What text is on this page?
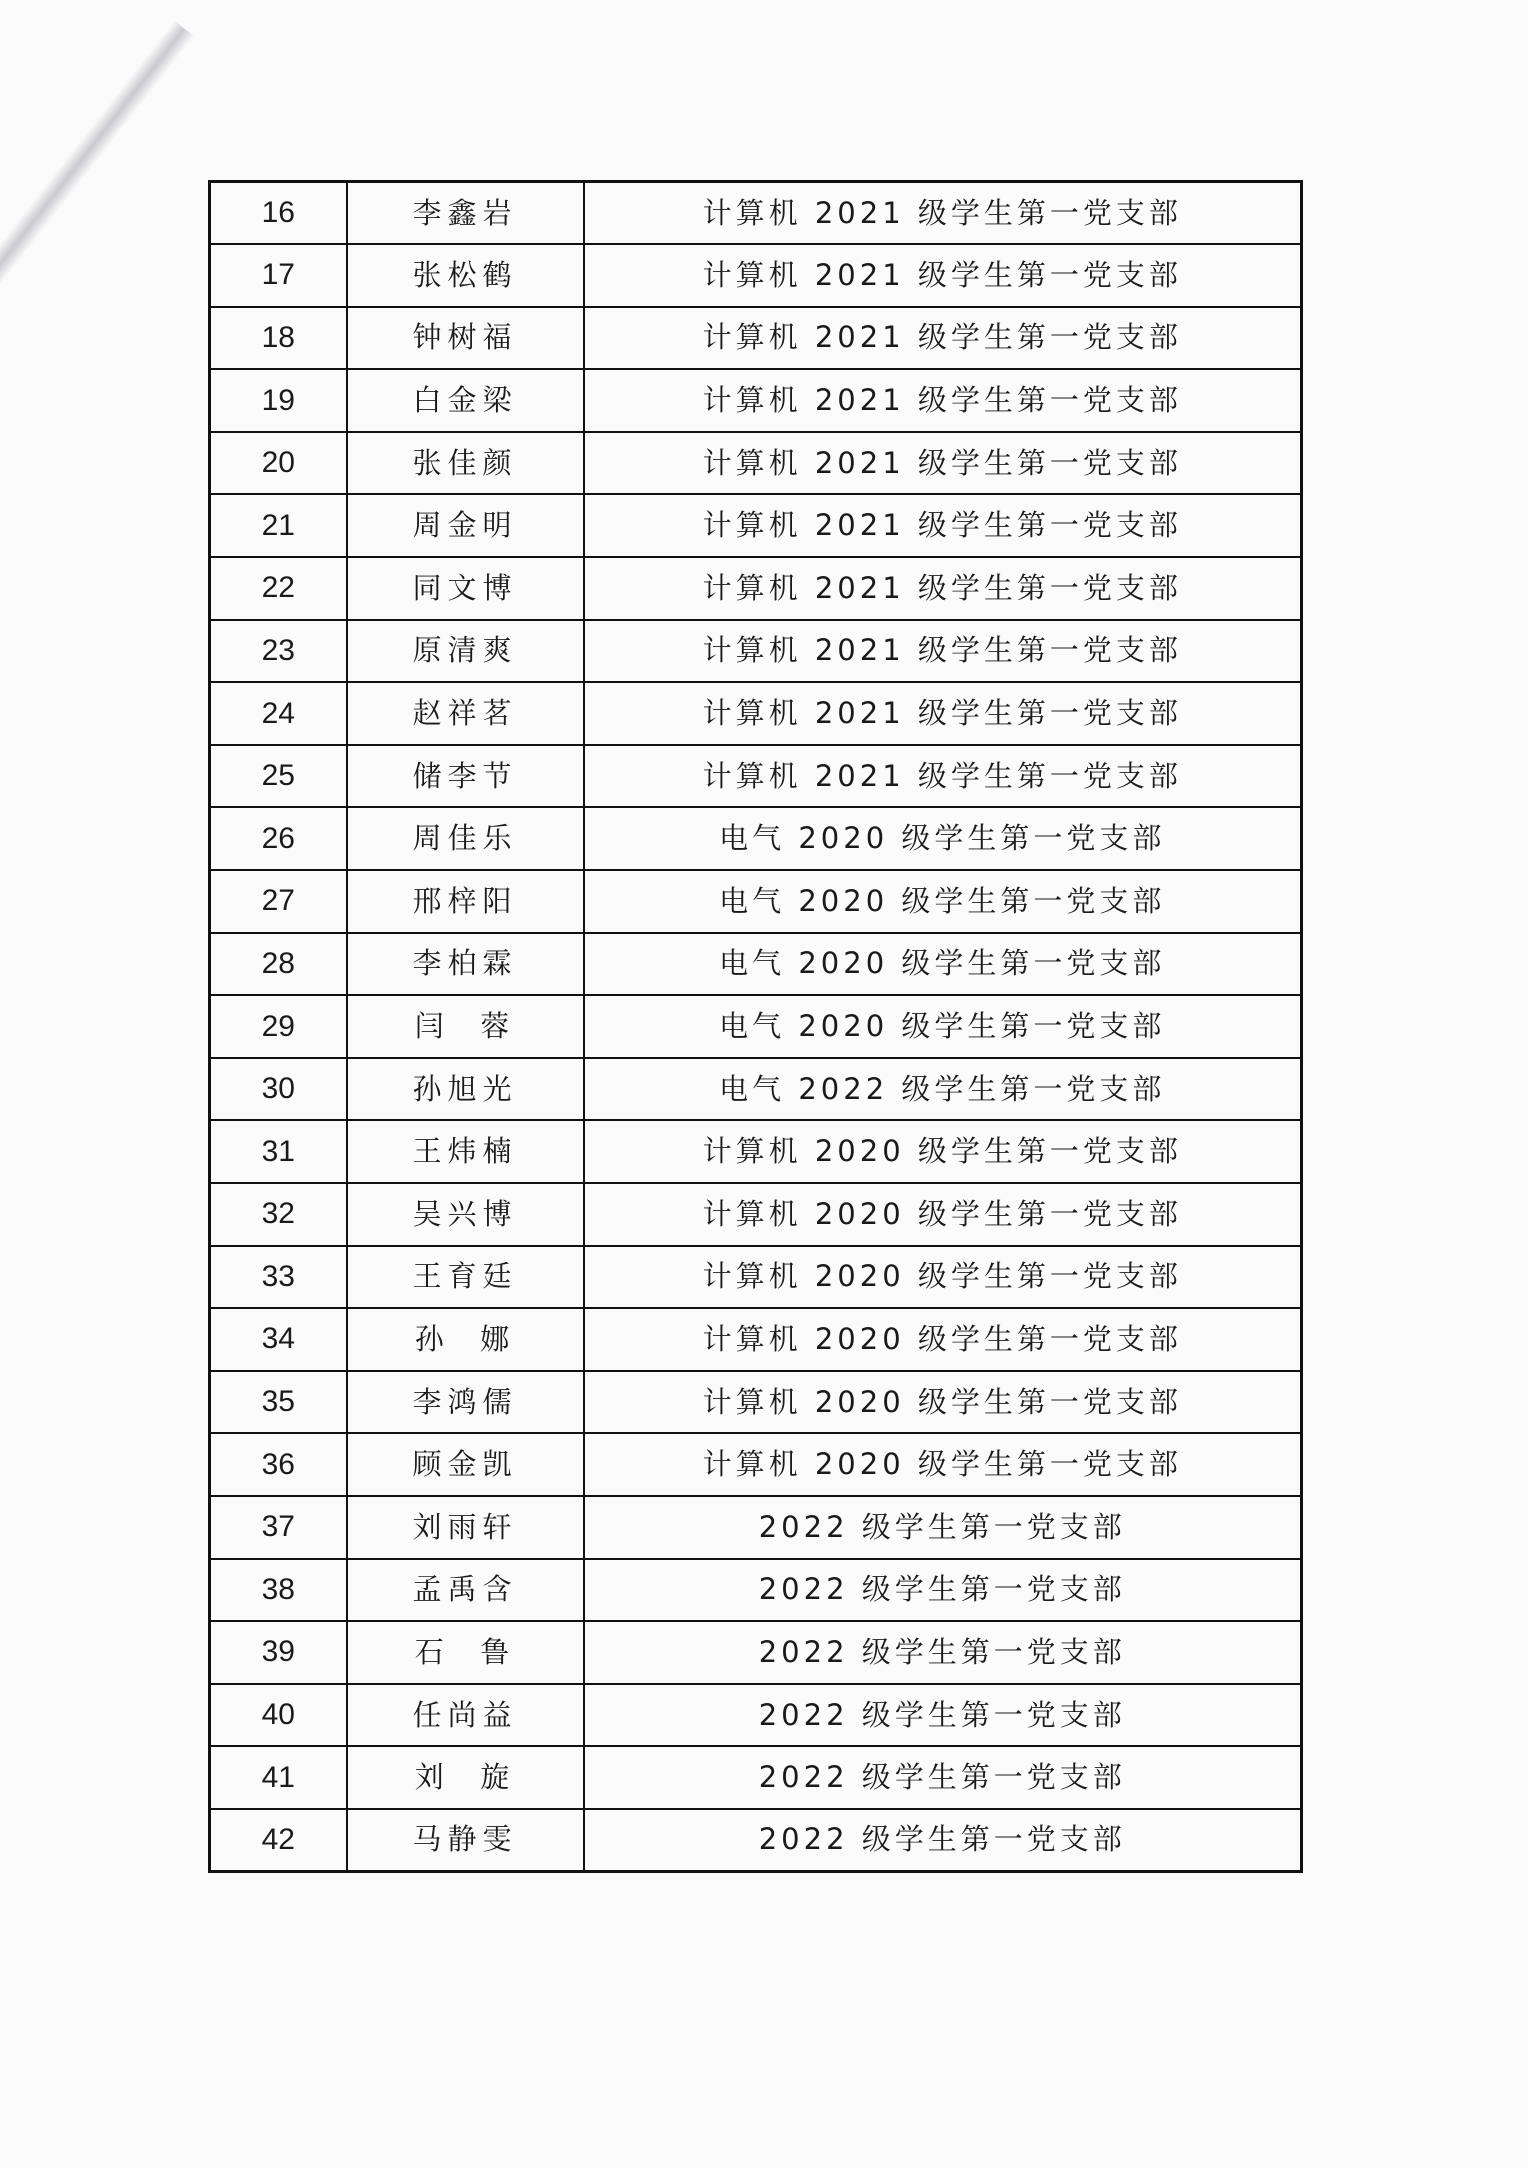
16	李鑫岩	计算机 2021 级学生第一党支部
17	张松鹤	计算机 2021 级学生第一党支部
18	钟树福	计算机 2021 级学生第一党支部
19	白金梁	计算机 2021 级学生第一党支部
20	张佳颜	计算机 2021 级学生第一党支部
21	周金明	计算机 2021 级学生第一党支部
22	同文博	计算机 2021 级学生第一党支部
23	原清爽	计算机 2021 级学生第一党支部
24	赵祥茗	计算机 2021 级学生第一党支部
25	储李节	计算机 2021 级学生第一党支部
26	周佳乐	电气 2020 级学生第一党支部
27	邢梓阳	电气 2020 级学生第一党支部
28	李柏霖	电气 2020 级学生第一党支部
29	闫  蓉	电气 2020 级学生第一党支部
30	孙旭光	电气 2022 级学生第一党支部
31	王炜楠	计算机 2020 级学生第一党支部
32	吴兴博	计算机 2020 级学生第一党支部
33	王育廷	计算机 2020 级学生第一党支部
34	孙  娜	计算机 2020 级学生第一党支部
35	李鸿儒	计算机 2020 级学生第一党支部
36	顾金凯	计算机 2020 级学生第一党支部
37	刘雨轩	2022 级学生第一党支部
38	孟禹含	2022 级学生第一党支部
39	石  鲁	2022 级学生第一党支部
40	任尚益	2022 级学生第一党支部
41	刘  旋	2022 级学生第一党支部
42	马静雯	2022 级学生第一党支部
